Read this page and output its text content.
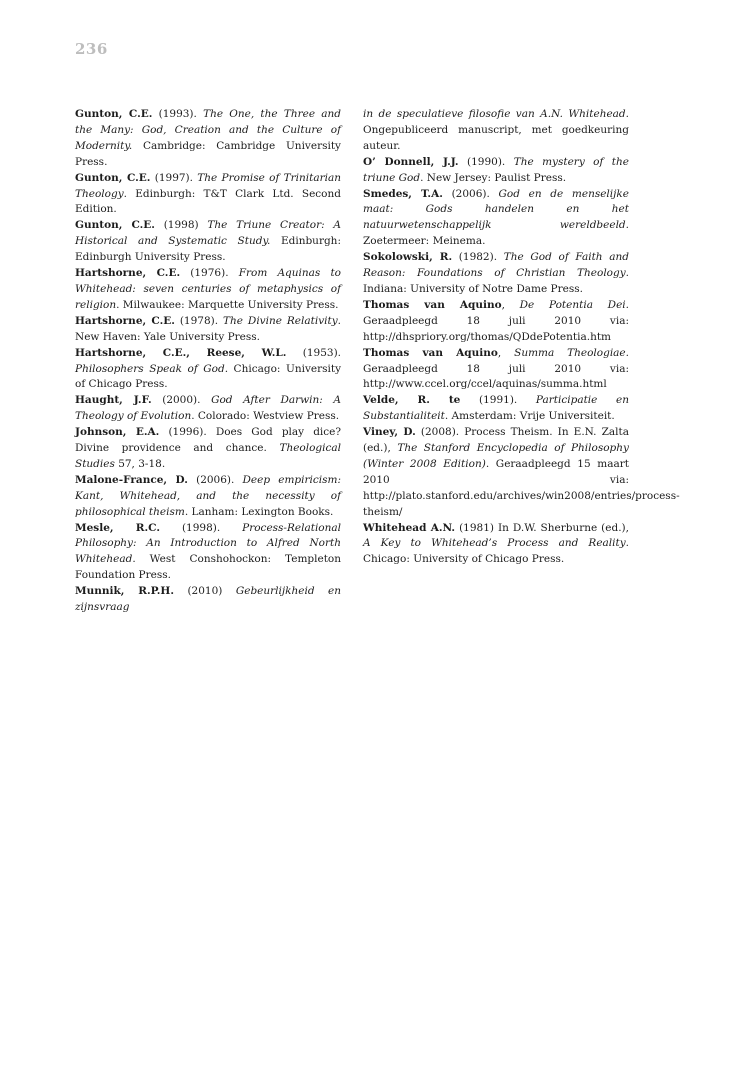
236

Gunton, C.E. (1993). The One, the Three and the Many: God, Creation and the Culture of Modernity. Cambridge: Cambridge University Press.

Gunton, C.E. (1997). The Promise of Trinitarian Theology. Edinburgh: T&T Clark Ltd. Second Edition.

Gunton, C.E. (1998) The Triune Creator: A Historical and Systematic Study. Edinburgh: Edinburgh University Press.

Hartshorne, C.E. (1976). From Aquinas to Whitehead: seven centuries of metaphysics of religion. Milwaukee: Marquette University Press.

Hartshorne, C.E. (1978). The Divine Relativity. New Haven: Yale University Press.

Hartshorne, C.E., Reese, W.L. (1953). Philosophers Speak of God. Chicago: University of Chicago Press.

Haught, J.F. (2000). God After Darwin: A Theology of Evolution. Colorado: Westview Press.

Johnson, E.A. (1996). Does God play dice? Divine providence and chance. Theological Studies 57, 3-18.

Malone-France, D. (2006). Deep empiricism: Kant, Whitehead, and the necessity of philosophical theism. Lanham: Lexington Books.

Mesle, R.C. (1998). Process-Relational Philosophy: An Introduction to Alfred North Whitehead. West Conshohockon: Templeton Foundation Press.

Munnik, R.P.H. (2010) Gebeurlijkheid en zijnsvraag

in de speculatieve filosofie van A.N. Whitehead. Ongepubliceerd manuscript, met goedkeuring auteur.

O’ Donnell, J.J. (1990). The mystery of the triune God. New Jersey: Paulist Press.

Smedes, T.A. (2006). God en de menselijke maat: Gods handelen en het natuurwetenschappelijk wereldbeeld. Zoetermeer: Meinema.

Sokolowski, R. (1982). The God of Faith and Reason: Foundations of Christian Theology. Indiana: University of Notre Dame Press.

Thomas van Aquino, De Potentia Dei. Geraadpleegd 18 juli 2010 via: http://dhspriory.org/thomas/QDdePotentia.htm

Thomas van Aquino, Summa Theologiae. Geraadpleegd 18 juli 2010 via: http://www.ccel.org/ccel/aquinas/summa.html

Velde, R. te (1991). Participatie en Substantialiteit. Amsterdam: Vrije Universiteit.

Viney, D. (2008). Process Theism. In E.N. Zalta (ed.), The Stanford Encyclopedia of Philosophy (Winter 2008 Edition). Geraadpleegd 15 maart 2010 via: http://plato.stanford.edu/archives/win2008/entries/process-theism/

Whitehead A.N. (1981) In D.W. Sherburne (ed.), A Key to Whitehead’s Process and Reality. Chicago: University of Chicago Press.
